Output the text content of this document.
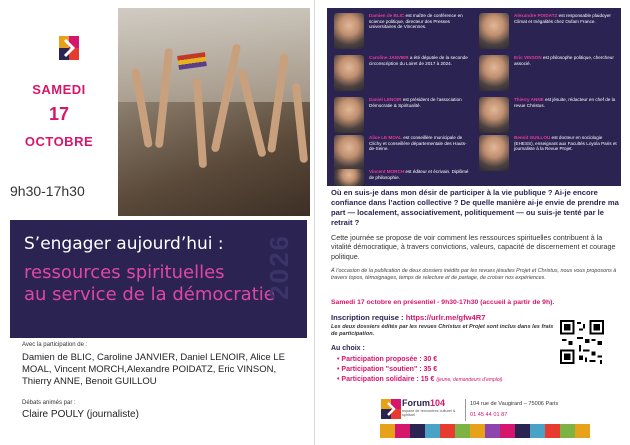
SAMEDI
17
OCTOBRE
9h30-17h30
S’engager aujourd’hui :
ressources spirituelles
au service de la démocratie
2026
Avec la participation de :
Damien de BLIC, Caroline JANVIER, Daniel LENOIR, Alice LE MOAL, Vincent MORCH,Alexandre POIDATZ, Eric VINSON, Thierry ANNE, Benoit GUILLOU
Débats animés par :
Claire POULY (journaliste)
Damien de BLIC est maître de conférence en science politique, directeur des Presses universitaires de Vincennes.
Alexandre POIDATZ est responsable plaidoyer Climat et Inégalités chez Oxfam France.
Caroline JANVIER a été députée de la seconde circonscription du Loiret de 2017 à 2024.
Eric VINSON est philosophe politique, chercheur associé.
Daniel LENOIR est président de l’association Démocratie & Spiritualité.
Thierry ANNE est jésuite, rédacteur en chef de la revue Christus.
Alice LE MOAL est conseillère municipale de Clichy et conseillère départementale des Hauts-de-Seine.
Benoit GUILLOU est docteur en sociologie (EHESS), enseignant aux Facultés Loyola Paris et journaliste à la Revue Projet.
Vincent MORCH est éditeur et écrivain. Diplômé de philosophie.
Où en suis-je dans mon désir de participer à la vie publique ? Ai-je encore confiance dans l’action collective ? De quelle manière ai-je envie de prendre ma part — localement, associativement, politiquement — ou suis-je tenté par le retrait ?
Cette journée se propose de voir comment les ressources spirituelles contribuent à la vitalité démocratique, à travers convictions, valeurs, capacité de discernement et courage politique.
À l’occasion de la publication de deux dossiers inédits par les revues jésuites Projet et Christus, nous vous proposons à travers topos, témoignages, temps de relecture et de partage, de croiser nos expériences.
Samedi 17 octobre en présentiel - 9h30-17h30 (accueil à partir de 9h).
Inscription requise : https://urlr.me/gfw4R7
Les deux dossiers édités par les revues Christus et Projet sont inclus dans les frais de participation.
Au choix :
• Participation proposée : 30 €
• Participation "soutien" : 35 €
• Participation solidaire : 15 € (jeune, demandeurs d’emploi)
Forum104
espace de rencontres culturel & spirituel
104 rue de Vaugirard – 75006 Paris
01 45 44 01 87
